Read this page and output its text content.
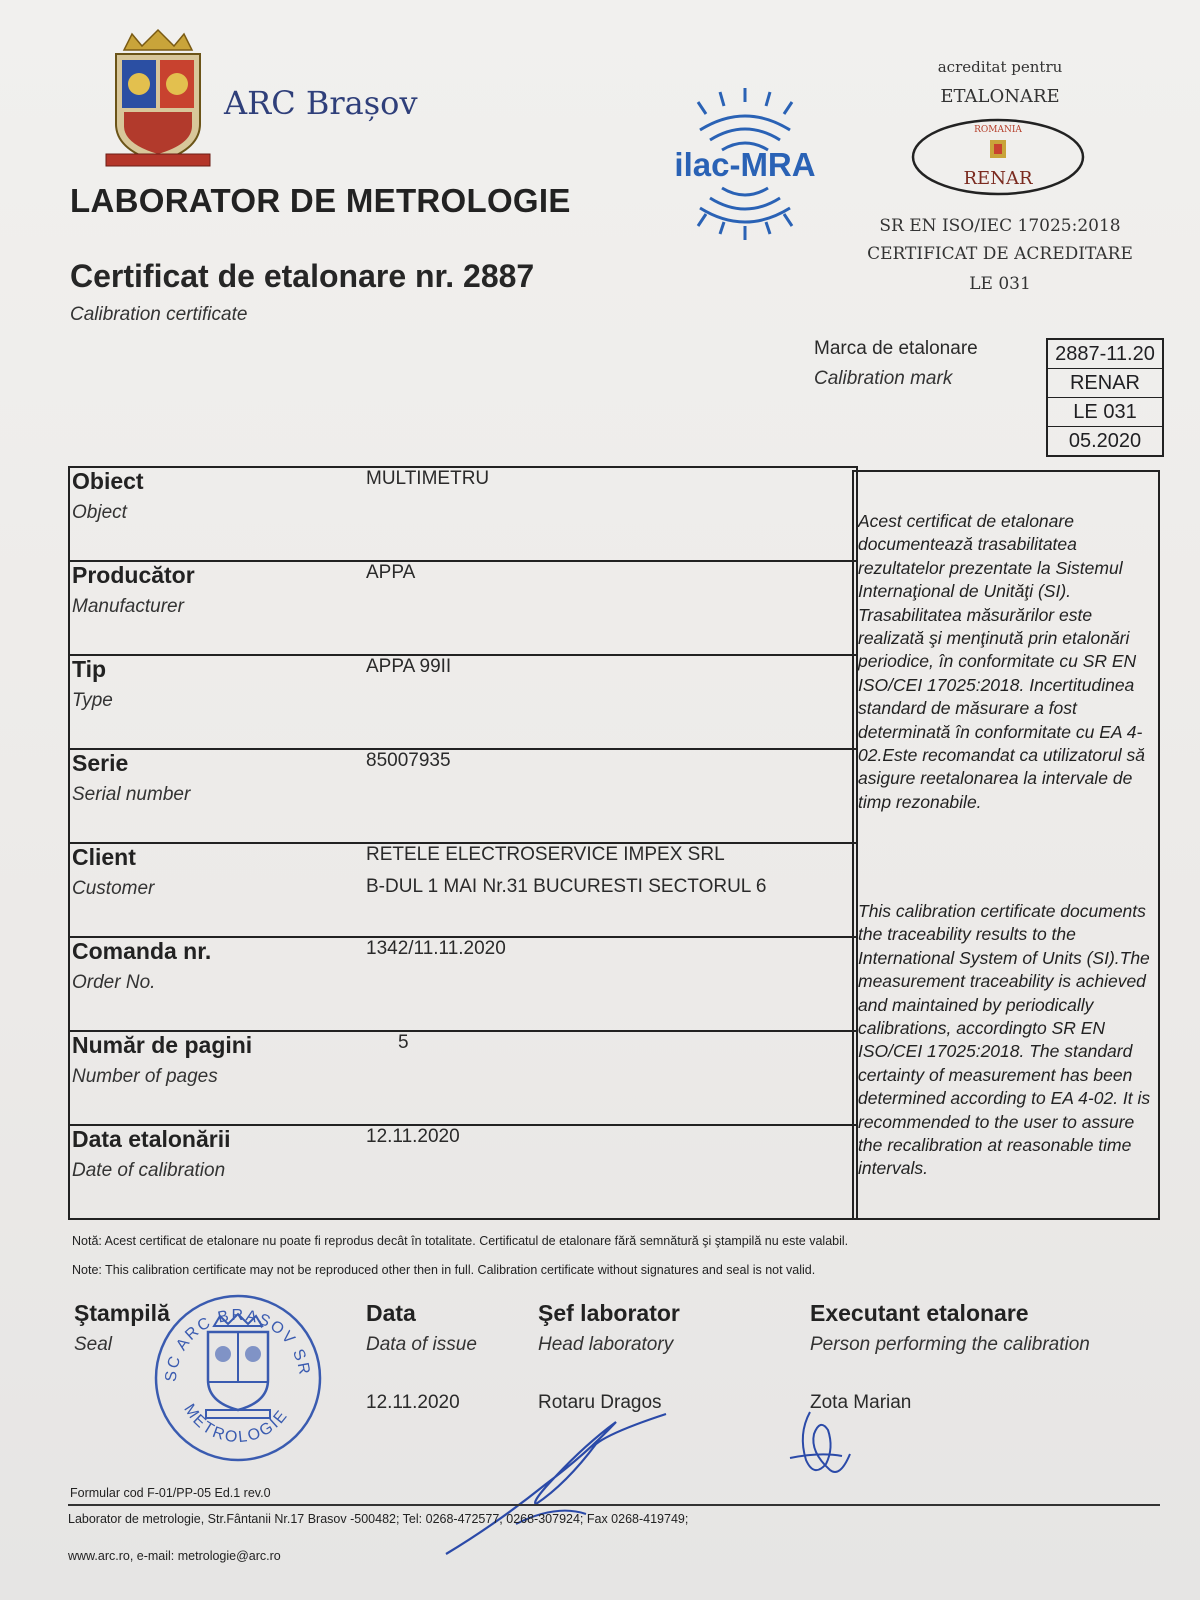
ARC Brașov
LABORATOR DE METROLOGIE
Certificat de etalonare nr. 2887
Calibration certificate
ilac-MRA
acreditat pentru
ETALONARE
ROMANIA
RENAR
SR EN ISO/IEC 17025:2018
CERTIFICAT DE ACREDITARE
LE 031
Marca de etalonare
Calibration mark
2887-11.20
RENAR
LE 031
05.2020
Obiect
Object
MULTIMETRU
Producător
Manufacturer
APPA
Tip
Type
APPA 99II
Serie
Serial number
85007935
Client
Customer
RETELE ELECTROSERVICE IMPEX SRL
B-DUL 1 MAI Nr.31 BUCURESTI SECTORUL 6
Comanda nr.
Order No.
1342/11.11.2020
Număr de pagini
Number of pages
5
Data etalonării
Date of calibration
12.11.2020
Acest certificat de etalonare documentează trasabilitatea rezultatelor prezentate la Sistemul Internaţional de Unităţi (SI). Trasabilitatea măsurărilor este realizată şi menţinută prin etalonări periodice, în conformitate cu SR EN ISO/CEI 17025:2018. Incertitudinea standard de măsurare a fost determinată în conformitate cu EA 4-02.Este recomandat ca utilizatorul să asigure reetalonarea la intervale de timp rezonabile.
This calibration certificate documents the traceability results to the International System of Units (SI).The measurement traceability is achieved and maintained by periodically calibrations, accordingto SR EN ISO/CEI 17025:2018. The standard certainty of measurement has been determined according to EA 4-02. It is recommended to the user to assure the recalibration at reasonable time intervals.
Notă: Acest certificat de etalonare nu poate fi reprodus decât în totalitate. Certificatul de etalonare fără semnătură şi ştampilă nu este valabil.
Note: This calibration certificate may not be reproduced other then in full. Calibration certificate without signatures and seal is not valid.
Ştampilă
Seal
SC ARC BRAȘOV SR
METROLOGIE
Data
Data of issue
12.11.2020
Şef laborator
Head laboratory
Rotaru Dragos
Executant etalonare
Person performing the calibration
Zota Marian
Formular cod F-01/PP-05 Ed.1 rev.0
Laborator de metrologie, Str.Fântanii Nr.17 Brasov -500482; Tel: 0268-472577, 0268-307924; Fax 0268-419749;
www.arc.ro, e-mail: metrologie@arc.ro
